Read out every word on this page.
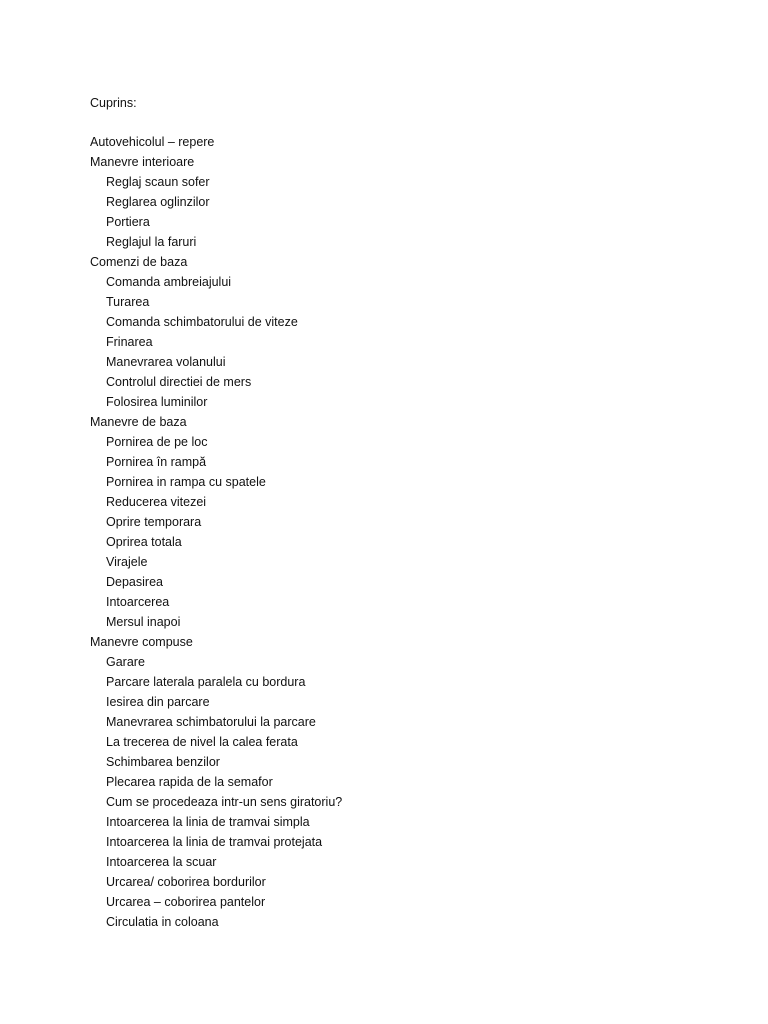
Cuprins:
Autovehicolul – repere
Manevre interioare
Reglaj scaun sofer
Reglarea oglinzilor
Portiera
Reglajul la faruri
Comenzi de baza
Comanda ambreiajului
Turarea
Comanda schimbatorului de viteze
Frinarea
Manevrarea volanului
Controlul directiei de mers
Folosirea luminilor
Manevre de baza
Pornirea de pe loc
Pornirea în rampă
Pornirea in rampa cu spatele
Reducerea vitezei
Oprire temporara
Oprirea totala
Virajele
Depasirea
Intoarcerea
Mersul inapoi
Manevre compuse
Garare
Parcare laterala paralela cu bordura
Iesirea din parcare
Manevrarea schimbatorului la parcare
La trecerea de nivel la calea ferata
Schimbarea benzilor
Plecarea rapida de la semafor
Cum se procedeaza intr-un sens giratoriu?
Intoarcerea la linia de tramvai simpla
Intoarcerea la linia de tramvai protejata
Intoarcerea la scuar
Urcarea/ coborirea bordurilor
Urcarea – coborirea pantelor
Circulatia in coloana
